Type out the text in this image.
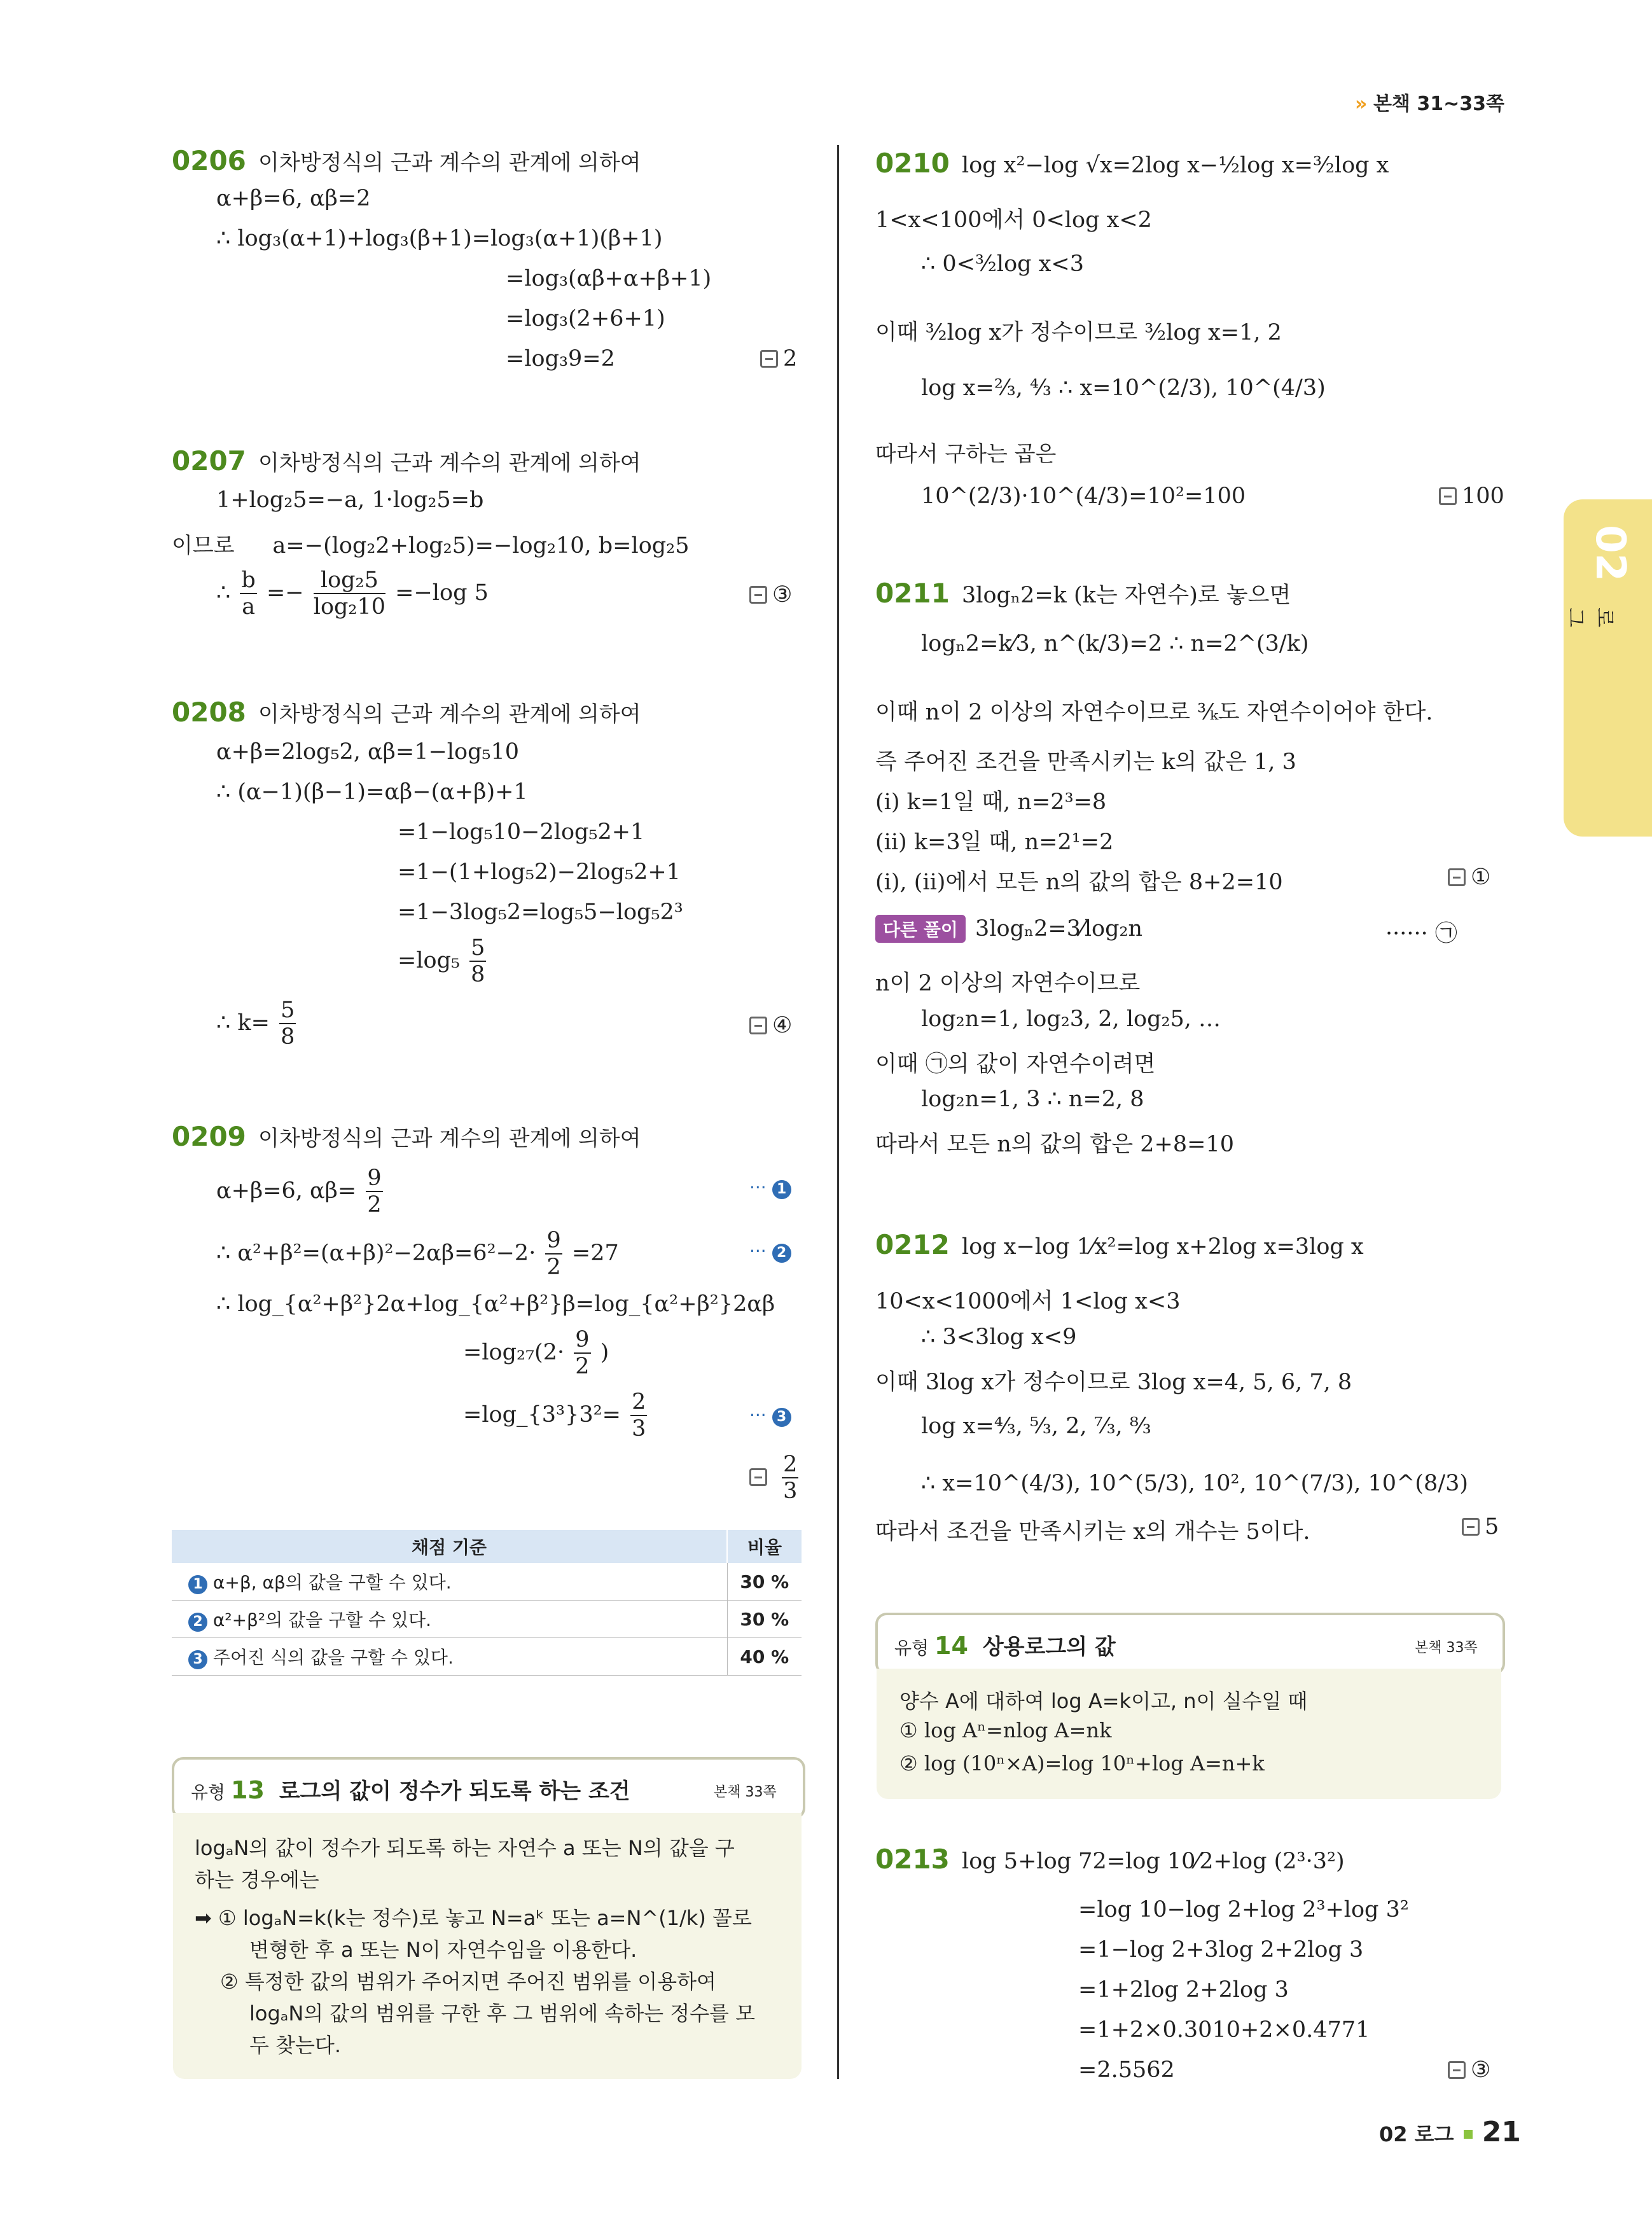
» 본책 31~33쪽
02
로그
0206 이차방정식의 근과 계수의 관계에 의하여
α+β=6, αβ=2
∴ log₃(α+1)+log₃(β+1)=log₃(α+1)(β+1)
=log₃(αβ+α+β+1)
=log₃(2+6+1)
=log₃9=2	2
0207 이차방정식의 근과 계수의 관계에 의하여
1+log₂5=−a, 1·log₂5=b
이므로 a=−(log₂2+log₂5)=−log₂10, b=log₂5
∴ $\frac{b}{a} =- \frac{\text{log₂5}}{\text{log₂10}} =-\log$ 5	③
0208 이차방정식의 근과 계수의 관계에 의하여
α+β=2log₅2, αβ=1−log₅10
∴ (α−1)(β−1)=αβ−(α+β)+1
=1−log₅10−2log₅2+1
=1−(1+log₅2)−2log₅2+1
=1−3log₅2=log₅5−log₅2³
$=\log_5 \frac{5}{8}$
∴ $k= \frac{5}{8}$	④
0209 이차방정식의 근과 계수의 관계에 의하여
α+β=6, $\alpha\beta= \frac{9}{2}$	··· 1
∴ $\alpha^2+\beta^2=(\alpha+\beta)^2-2\alpha\beta=6^2-2\cdot \frac{9}{2} =27$	··· 2
∴ log_{α²+β²}2α+log_{α²+β²}β=log_{α²+β²}2αβ
$=\log_{27}(2\cdot \frac{9}{2}$ )
=log_{3³}3²= $\frac{2}{3}$	··· 3

$\frac{2}{3}$
채점 기준	비율
1 α+β, αβ의 값을 구할 수 있다.	30 %
2 α²+β²의 값을 구할 수 있다.	30 %
3 주어진 식의 값을 구할 수 있다.	40 %
유형 13 로그의 값이 정수가 되도록 하는 조건	본책 33쪽
logₐN의 값이 정수가 되도록 하는 자연수 a 또는 N의 값을 구
하는 경우에는
➡ ① logₐN=k(k는 정수)로 놓고 N=aᵏ 또는 a=N^(1/k) 꼴로
변형한 후 a 또는 N이 자연수임을 이용한다.
② 특정한 값의 범위가 주어지면 주어진 범위를 이용하여
logₐN의 값의 범위를 구한 후 그 범위에 속하는 정수를 모
두 찾는다.
0210 log x²−log √x=2log x−½log x=³⁄₂log x
1<x<100에서 0<log x<2
∴ 0<³⁄₂log x<3
이때 ³⁄₂log x가 정수이므로 ³⁄₂log x=1, 2
log x=²⁄₃, ⁴⁄₃ ∴ x=10^(2/3), 10^(4/3)
따라서 구하는 곱은
10^(2/3)·10^(4/3)=10²=100	100
0211 3logₙ2=k (k는 자연수)로 놓으면
logₙ2=k⁄3, n^(k/3)=2 ∴ n=2^(3/k)
이때 n이 2 이상의 자연수이므로 ³⁄ₖ도 자연수이어야 한다.
즉 주어진 조건을 만족시키는 k의 값은 1, 3
(i) k=1일 때, n=2³=8
(ii) k=3일 때, n=2¹=2
(i), (ii)에서 모든 n의 값의 합은 8+2=10	①
다른 풀이 3logₙ2=3⁄log₂n	······ ㉠
n이 2 이상의 자연수이므로
log₂n=1, log₂3, 2, log₂5, …
이때 ㉠의 값이 자연수이려면
log₂n=1, 3 ∴ n=2, 8
따라서 모든 n의 값의 합은 2+8=10
0212 log x−log 1⁄x²=log x+2log x=3log x
10<x<1000에서 1<log x<3
∴ 3<3log x<9
이때 3log x가 정수이므로 3log x=4, 5, 6, 7, 8
log x=⁴⁄₃, ⁵⁄₃, 2, ⁷⁄₃, ⁸⁄₃
∴ x=10^(4/3), 10^(5/3), 10², 10^(7/3), 10^(8/3)
따라서 조건을 만족시키는 x의 개수는 5이다.	5
유형 14 상용로그의 값	본책 33쪽
양수 A에 대하여 log A=k이고, n이 실수일 때
① log Aⁿ=nlog A=nk
② log (10ⁿ×A)=log 10ⁿ+log A=n+k
0213 log 5+log 72=log 10⁄2+log (2³·3²)
=log 10−log 2+log 2³+log 3²
=1−log 2+3log 2+2log 3
=1+2log 2+2log 3
=1+2×0.3010+2×0.4771
=2.5562	③
02 로그 21
